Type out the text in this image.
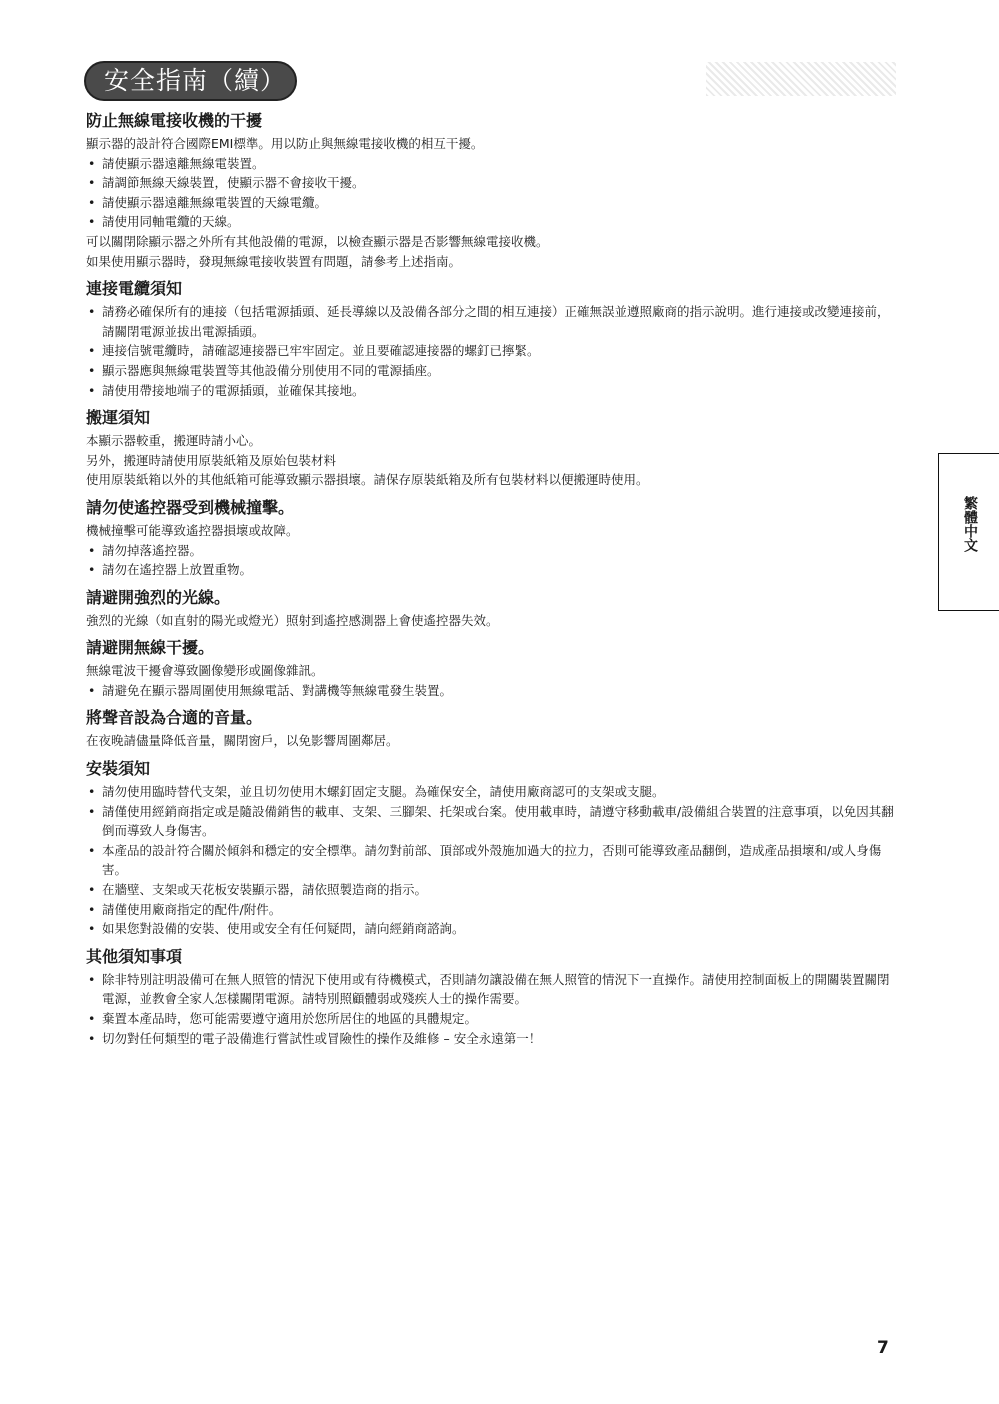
安全指南（續）
防止無線電接收機的干擾

顯示器的設計符合國際EMI標準。用以防止與無線電接收機的相互干擾。

• 請使顯示器遠離無線電裝置。
• 請調節無線天線裝置，使顯示器不會接收干擾。
• 請使顯示器遠離無線電裝置的天線電纜。
• 請使用同軸電纜的天線。

可以關閉除顯示器之外所有其他設備的電源，以檢查顯示器是否影響無線電接收機。

如果使用顯示器時，發現無線電接收裝置有問題，請參考上述指南。

連接電纜須知
• 請務必確保所有的連接（包括電源插頭、延長導線以及設備各部分之間的相互連接）正確無誤並遵照廠商的指示說明。進行連接或改變連接前，請關閉電源並拔出電源插頭。
• 連接信號電纜時，請確認連接器已牢牢固定。並且要確認連接器的螺釘已擰緊。
• 顯示器應與無線電裝置等其他設備分別使用不同的電源插座。
• 請使用帶接地端子的電源插頭，並確保其接地。
搬運須知

本顯示器較重，搬運時請小心。

另外，搬運時請使用原裝紙箱及原始包裝材料

使用原裝紙箱以外的其他紙箱可能導致顯示器損壞。請保存原裝紙箱及所有包裝材料以便搬運時使用。

請勿使遙控器受到機械撞擊。

機械撞擊可能導致遙控器損壞或故障。

• 請勿掉落遙控器。
• 請勿在遙控器上放置重物。
請避開強烈的光線。

強烈的光線（如直射的陽光或燈光）照射到遙控感測器上會使遙控器失效。

請避開無線干擾。

無線電波干擾會導致圖像變形或圖像雜訊。

• 請避免在顯示器周圍使用無線電話、對講機等無線電發生裝置。
將聲音設為合適的音量。

在夜晚請儘量降低音量，關閉窗戶，以免影響周圍鄰居。

安裝須知
• 請勿使用臨時替代支架，並且切勿使用木螺釘固定支腿。為確保安全，請使用廠商認可的支架或支腿。
• 請僅使用經銷商指定或是隨設備銷售的載車、支架、三腳架、托架或台案。使用載車時，請遵守移動載車/設備組合裝置的注意事項，以免因其翻倒而導致人身傷害。
• 本產品的設計符合關於傾斜和穩定的安全標準。請勿對前部、頂部或外殼施加過大的拉力，否則可能導致產品翻倒，造成產品損壞和/或人身傷害。
• 在牆壁、支架或天花板安裝顯示器，請依照製造商的指示。
• 請僅使用廠商指定的配件/附件。
• 如果您對設備的安裝、使用或安全有任何疑問，請向經銷商諮詢。
其他須知事項
• 除非特別註明設備可在無人照管的情況下使用或有待機模式，否則請勿讓設備在無人照管的情況下一直操作。請使用控制面板上的開關裝置關閉電源，並教會全家人怎樣關閉電源。請特別照顧體弱或殘疾人士的操作需要。
• 棄置本產品時，您可能需要遵守適用於您所居住的地區的具體規定。
• 切勿對任何類型的電子設備進行嘗試性或冒險性的操作及維修 – 安全永遠第一！
繁體中文
7
